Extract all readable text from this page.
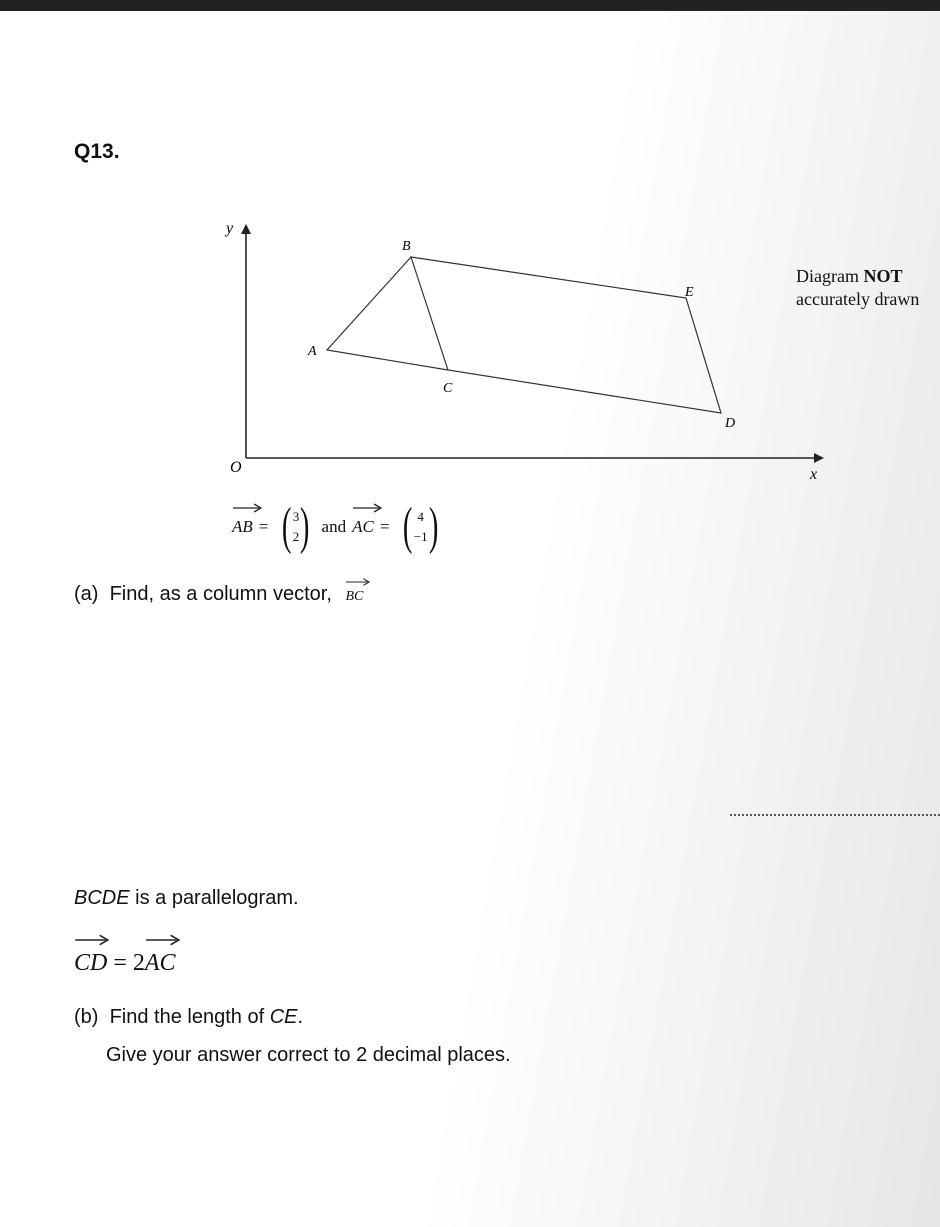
Q13.
y
x
O
A
B
C
D
E
Diagram NOT
accurately drawn
AB = ( 3
2 ) and AC = ( 4
−1 )
(a) Find, as a column vector, BC
BCDE is a parallelogram.
CD = 2
AC
(b) Find the length of CE.
Give your answer correct to 2 decimal places.
